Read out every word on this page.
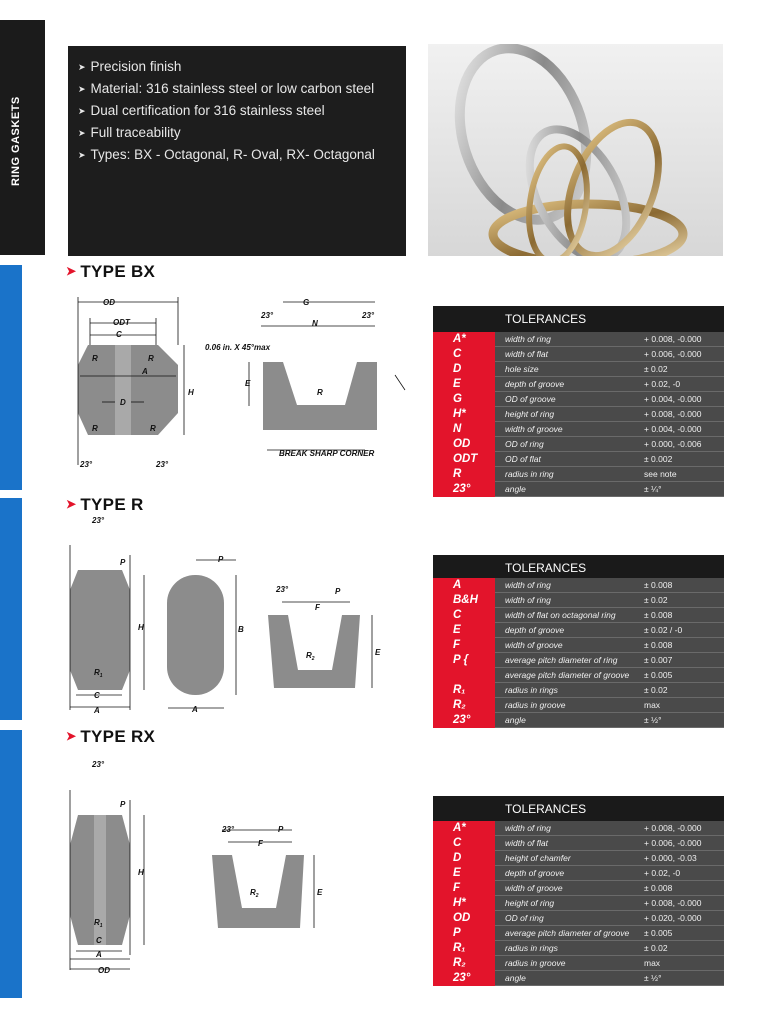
RING GASKETS
➤ Precision finish
➤ Material: 316 stainless steel or low carbon steel
➤ Dual certification for 316 stainless steel
➤ Full traceability
➤ Types: BX - Octagonal, R- Oval, RX- Octagonal
➤ TYPE BX
OD
ODT
C
R	R
A
D
H
R	R
23°	23°
23°	23°
G
N
0.06 in. X 45°max
E
R
BREAK SHARP CORNER
	TOLERANCES
A*	width of ring	+ 0.008, -0.000
C	width of flat	+ 0.006, -0.000
D	hole size	± 0.02
E	depth of groove	+ 0.02, -0
G	OD of groove	+ 0.004, -0.000
H*	height of ring	+ 0.008, -0.000
N	width of groove	+ 0.004, -0.000
OD	OD of ring	+ 0.000, -0.006
ODT	OD of flat	± 0.002
R	radius in ring	see note
23°	angle	± ¼°
➤ TYPE R
23°
P
H
$R_1$
C
A
P
B
A
23°	P
F
$R_2$
E
	TOLERANCES
A	width of ring	± 0.008
B&H	width of ring	± 0.02
C	width of flat on octagonal ring	± 0.008
E	depth of groove	± 0.02 / -0
F	width of groove	± 0.008
P {	average pitch diameter of ring	± 0.007
	average pitch diameter of groove	± 0.005
R₁	radius in rings	± 0.02
R₂	radius in groove	max
23°	angle	± ½°
➤ TYPE RX
23°
P
H
$R_1$
C
A
OD
23°	P
F
$R_2$	E
	TOLERANCES
A*	width of ring	+ 0.008, -0.000
C	width of flat	+ 0.006, -0.000
D	height of chamfer	+ 0.000, -0.03
E	depth of groove	+ 0.02, -0
F	width of groove	± 0.008
H*	height of ring	+ 0.008, -0.000
OD	OD of ring	+ 0.020, -0.000
P	average pitch diameter of groove	± 0.005
R₁	radius in rings	± 0.02
R₂	radius in groove	max
23°	angle	± ½°
